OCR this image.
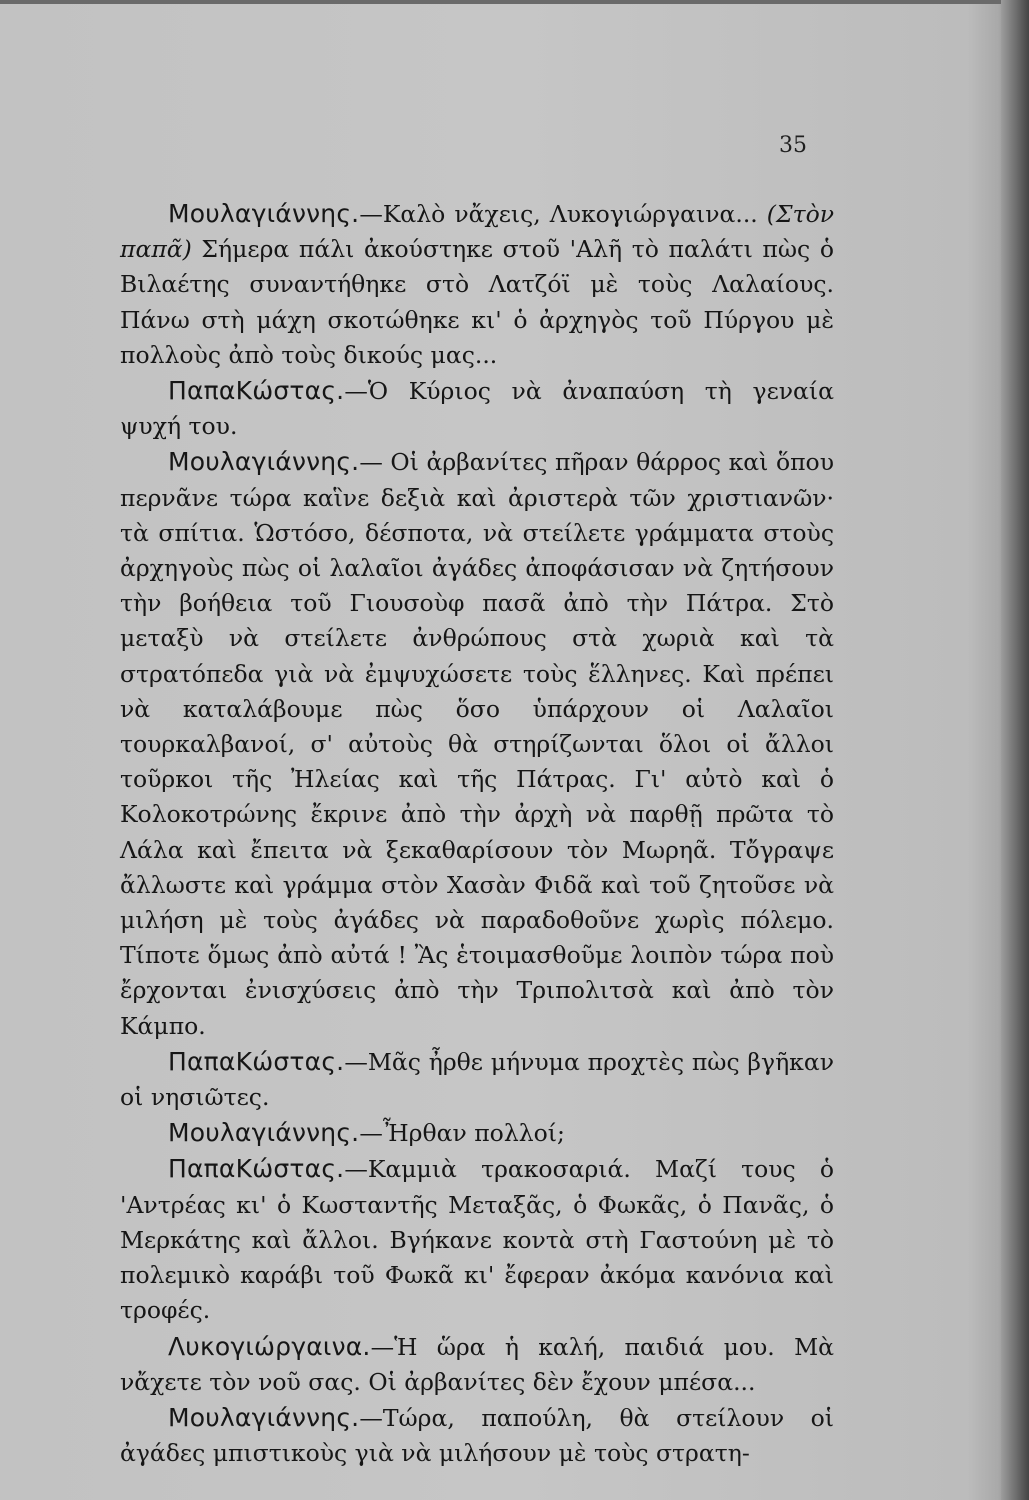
35

Μουλαγιάννης.—Καλὸ νἄχεις, Λυκογιώργαινα... (Στὸν παπᾶ) Σήμερα πάλι ἀκούστηκε στοῦ 'Αλῆ τὸ παλάτι πὼς ὁ Βιλαέτης συναντήθηκε στὸ Λατζόϊ μὲ τοὺς Λαλαίους. Πάνω στὴ μάχη σκοτώθηκε κι' ὁ ἀρχηγὸς τοῦ Πύργου μὲ πολλοὺς ἀπὸ τοὺς δικούς μας...

ΠαπαΚώστας.—Ὁ Κύριος νὰ ἀναπαύση τὴ γεναία ψυχή του.

Μουλαγιάννης.— Οἱ ἀρβανίτες πῆραν θάρρος καὶ ὅπου περνᾶνε τώρα καἳνε δεξιὰ καὶ ἀριστερὰ τῶν χριστιανῶν· τὰ σπίτια. Ὡστόσο, δέσποτα, νὰ στείλετε γράμματα στοὺς ἀρχηγοὺς πὼς οἱ λαλαῖοι ἀγάδες ἀποφάσισαν νὰ ζητήσουν τὴν βοήθεια τοῦ Γιουσοὺφ πασᾶ ἀπὸ τὴν Πάτρα. Στὸ μεταξὺ νὰ στείλετε ἀνθρώπους στὰ χωριὰ καὶ τὰ στρατόπεδα γιὰ νὰ ἐμψυχώσετε τοὺς ἕλληνες. Καὶ πρέπει νὰ καταλάβουμε πὼς ὅσο ὑπάρχουν οἱ Λαλαῖοι τουρκαλβανοί, σ' αὐτοὺς θὰ στηρίζωνται ὅλοι οἱ ἄλλοι τοῦρκοι τῆς Ἠλείας καὶ τῆς Πάτρας. Γι' αὐτὸ καὶ ὁ Κολοκοτρώνης ἔκρινε ἀπὸ τὴν ἀρχὴ νὰ παρθῇ πρῶτα τὸ Λάλα καὶ ἔπειτα νὰ ξεκαθαρίσουν τὸν Μωρηᾶ. Τὄγραψε ἄλλωστε καὶ γράμμα στὸν Χασὰν Φιδᾶ καὶ τοῦ ζητοῦσε νὰ μιλήση μὲ τοὺς ἀγάδες νὰ παραδοθοῦνε χωρὶς πόλεμο. Τίποτε ὅμως ἀπὸ αὐτά ! Ἂς ἑτοιμασθοῦμε λοιπὸν τώρα ποὺ ἔρχονται ἐνισχύσεις ἀπὸ τὴν Τριπολιτσὰ καὶ ἀπὸ τὸν Κάμπο.

ΠαπαΚώστας.—Μᾶς ἦρθε μήνυμα προχτὲς πὼς βγῆκαν οἱ νησιῶτες.

Μουλαγιάννης.—Ἦρθαν πολλοί;

ΠαπαΚώστας.—Καμμιὰ τρακοσαριά. Μαζί τους ὁ 'Αντρέας κι' ὁ Κωσταντῆς Μεταξᾶς, ὁ Φωκᾶς, ὁ Πανᾶς, ὁ Μερκάτης καὶ ἄλλοι. Βγήκανε κοντὰ στὴ Γαστούνη μὲ τὸ πολεμικὸ καράβι τοῦ Φωκᾶ κι' ἔφεραν ἀκόμα κανόνια καὶ τροφές.

Λυκογιώργαινα.—Ἡ ὥρα ἡ καλή, παιδιά μου. Μὰ νἄχετε τὸν νοῦ σας. Οἱ ἀρβανίτες δὲν ἔχουν μπέσα...

Μουλαγιάννης.—Τώρα, παπούλη, θὰ στείλουν οἱ ἀγάδες μπιστικοὺς γιὰ νὰ μιλήσουν μὲ τοὺς στρατη-
